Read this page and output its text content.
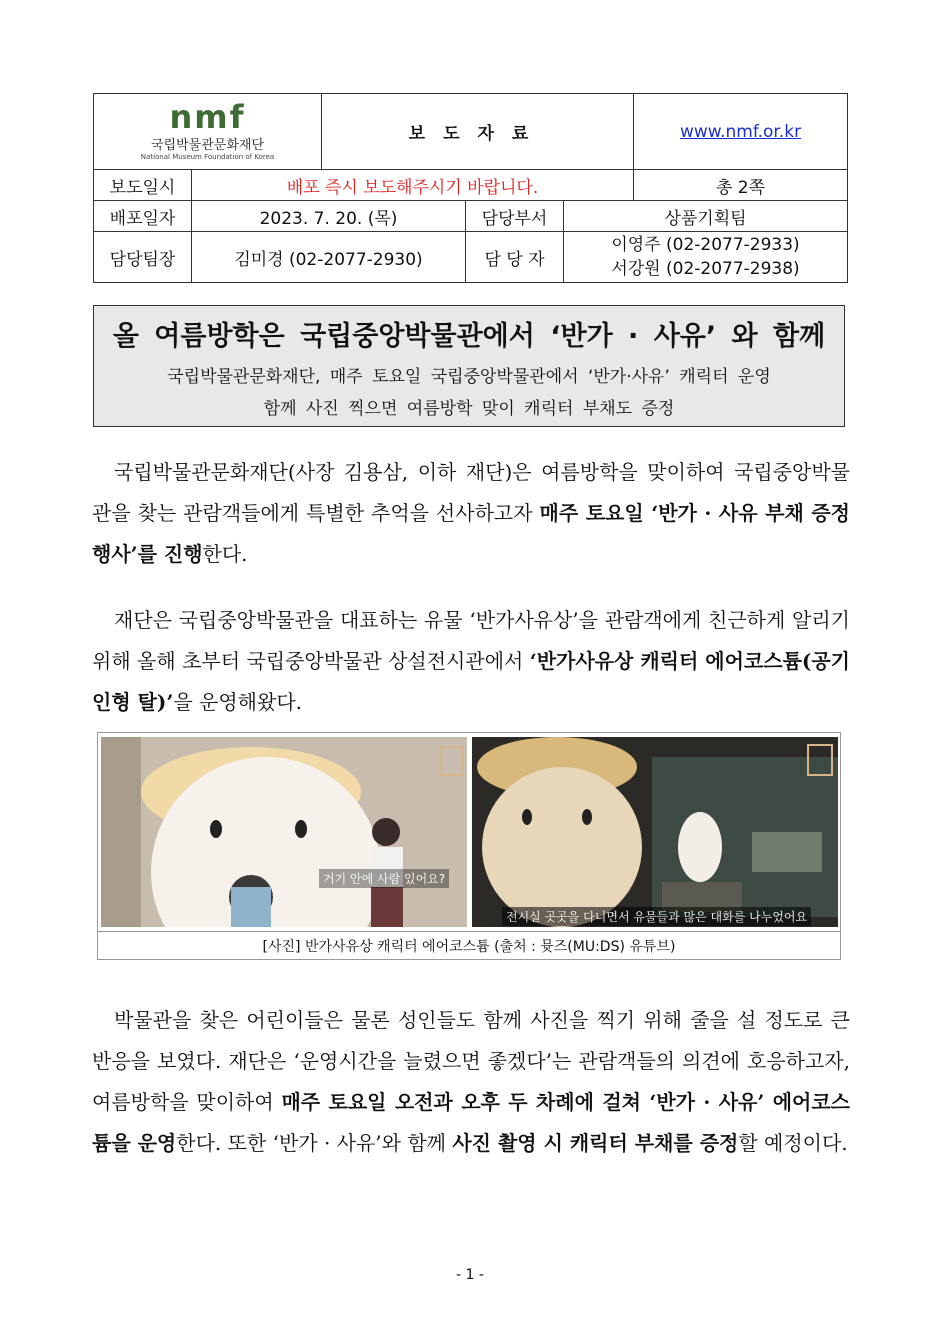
nmf
국립박물관문화재단
National Museum Foundation of Korea		보도자료			www.nmf.or.kr
보도일시	배포 즉시 보도해주시기 바랍니다.				총 2쪽
배포일자	2023. 7. 20. (목)		담당부서	상품기획팀	
담당팀장	김미경 (02-2077-2930)		담 당 자	이영주 (02-2077-2933)
서강원 (02-2077-2938)	
올 여름방학은 국립중앙박물관에서 ‘반가 · 사유’ 와 함께
국립박물관문화재단, 매주 토요일 국립중앙박물관에서 ‘반가·사유’ 캐릭터 운영
함께 사진 찍으면 여름방학 맞이 캐릭터 부채도 증정

국립박물관문화재단(사장 김용삼, 이하 재단)은 여름방학을 맞이하여 국립중앙박물관을 찾는 관람객들에게 특별한 추억을 선사하고자 매주 토요일 ‘반가 · 사유 부채 증정 행사’를 진행한다.

재단은 국립중앙박물관을 대표하는 유물 ‘반가사유상’을 관람객에게 친근하게 알리기 위해 올해 초부터 국립중앙박물관 상설전시관에서 ‘반가사유상 캐릭터 에어코스튬(공기 인형 탈)’을 운영해왔다.

거기 안에 사람 있어요?
전시실 곳곳을 다니면서 유물들과 많은 대화를 나누었어요
[사진] 반가사유상 캐릭터 에어코스튬 (출처 : 뮷즈(MU:DS) 유튜브)

박물관을 찾은 어린이들은 물론 성인들도 함께 사진을 찍기 위해 줄을 설 정도로 큰 반응을 보였다. 재단은 ‘운영시간을 늘렸으면 좋겠다’는 관람객들의 의견에 호응하고자, 여름방학을 맞이하여 매주 토요일 오전과 오후 두 차례에 걸쳐 ‘반가 · 사유’ 에어코스튬을 운영한다. 또한 ‘반가 · 사유’와 함께 사진 촬영 시 캐릭터 부채를 증정할 예정이다.

- 1 -
